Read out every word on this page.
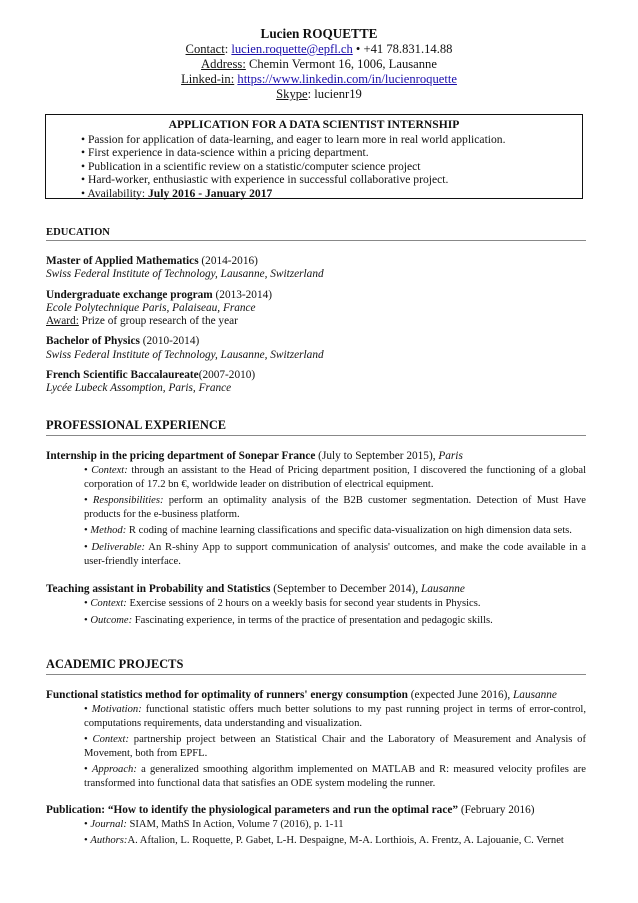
Lucien ROQUETTE
Contact: lucien.roquette@epfl.ch • +41 78.831.14.88
Address: Chemin Vermont 16, 1006, Lausanne
Linked-in: https://www.linkedin.com/in/lucienroquette
Skype: lucienr19
APPLICATION FOR A DATA SCIENTIST INTERNSHIP
• Passion for application of data-learning, and eager to learn more in real world application.
• First experience in data-science within a pricing department.
• Publication in a scientific review on a statistic/computer science project
• Hard-worker, enthusiastic with experience in successful collaborative project.
• Availability: July 2016 - January 2017
EDUCATION
Master of Applied Mathematics (2014-2016)
Swiss Federal Institute of Technology, Lausanne, Switzerland
Undergraduate exchange program (2013-2014)
Ecole Polytechnique Paris, Palaiseau, France
Award: Prize of group research of the year
Bachelor of Physics (2010-2014)
Swiss Federal Institute of Technology, Lausanne, Switzerland
French Scientific Baccalaureate(2007-2010)
Lycée Lubeck Assomption, Paris, France
PROFESSIONAL EXPERIENCE
Internship in the pricing department of Sonepar France (July to September 2015), Paris

• Context: through an assistant to the Head of Pricing department position, I discovered the functioning of a global corporation of 17.2 bn €, worldwide leader on distribution of electrical equipment.

• Responsibilities: perform an optimality analysis of the B2B customer segmentation. Detection of Must Have products for the e-business platform.

• Method: R coding of machine learning classifications and specific data-visualization on high dimension data sets.

• Deliverable: An R-shiny App to support communication of analysis' outcomes, and make the code available in a user-friendly interface.

Teaching assistant in Probability and Statistics (September to December 2014), Lausanne

• Context: Exercise sessions of 2 hours on a weekly basis for second year students in Physics.

• Outcome: Fascinating experience, in terms of the practice of presentation and pedagogic skills.

ACADEMIC PROJECTS
Functional statistics method for optimality of runners' energy consumption (expected June 2016), Lausanne

• Motivation: functional statistic offers much better solutions to my past running project in terms of error-control, computations requirements, data understanding and visualization.

• Context: partnership project between an Statistical Chair and the Laboratory of Measurement and Analysis of Movement, both from EPFL.

• Approach: a generalized smoothing algorithm implemented on MATLAB and R: measured velocity profiles are transformed into functional data that satisfies an ODE system modeling the runner.

Publication: “How to identify the physiological parameters and run the optimal race” (February 2016)

• Journal: SIAM, MathS In Action, Volume 7 (2016), p. 1-11

• Authors:A. Aftalion, L. Roquette, P. Gabet, L-H. Despaigne, M-A. Lorthiois, A. Frentz, A. Lajouanie, C. Vernet
